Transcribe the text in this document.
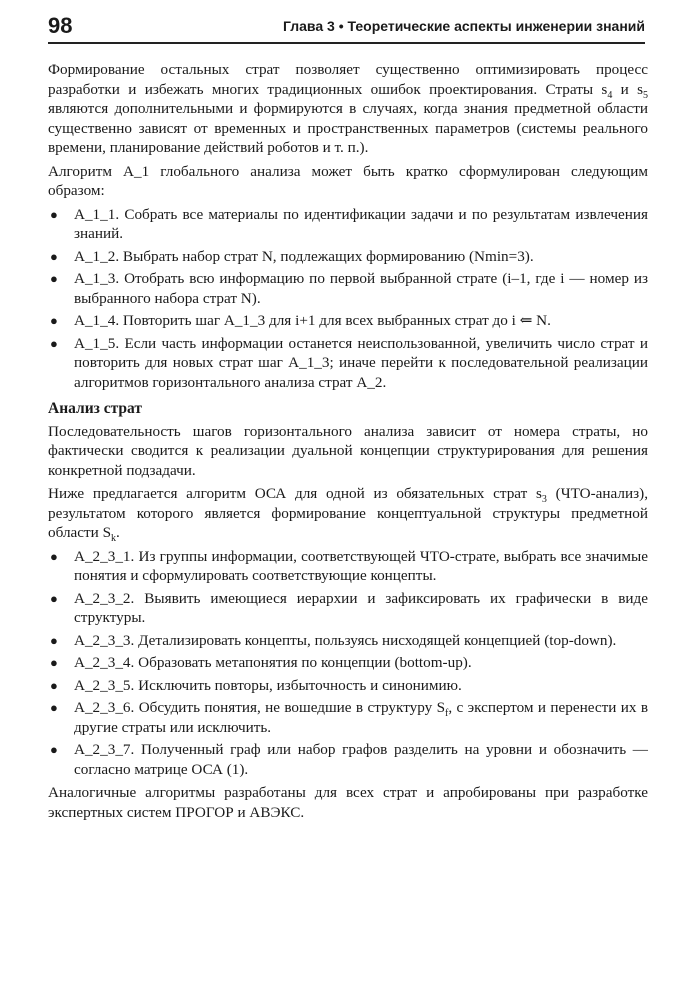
98	Глава 3 • Теоретические аспекты инженерии знаний

Формирование остальных страт позволяет существенно оптимизировать процесс разработки и избежать многих традиционных ошибок проектирования. Страты $s_4$ и $s_5$ являются дополнительными и формируются в случаях, когда знания предметной области существенно зависят от временных и пространственных параметров (системы реального времени, планирование действий роботов и т. п.).

Алгоритм A_1 глобального анализа может быть кратко сформулирован следующим образом:

● A_1_1. Собрать все материалы по идентификации задачи и по результатам извлечения знаний.
● A_1_2. Выбрать набор страт N, подлежащих формированию (Nmin=3).
● A_1_3. Отобрать всю информацию по первой выбранной страте (i–1, где i — номер из выбранного набора страт N).
● A_1_4. Повторить шаг A_1_3 для i+1 для всех выбранных страт до i ⇐ N.
● A_1_5. Если часть информации останется неиспользованной, увеличить число страт и повторить для новых страт шаг A_1_3; иначе перейти к последовательной реализации алгоритмов горизонтального анализа страт A_2.
Анализ страт

Последовательность шагов горизонтального анализа зависит от номера страты, но фактически сводится к реализации дуальной концепции структурирования для решения конкретной подзадачи.

Ниже предлагается алгоритм ОСА для одной из обязательных страт $s_3$ (ЧТО-анализ), результатом которого является формирование концептуальной структуры предметной области $S_k$.

● A_2_3_1. Из группы информации, соответствующей ЧТО-страте, выбрать все значимые понятия и сформулировать соответствующие концепты.
● A_2_3_2. Выявить имеющиеся иерархии и зафиксировать их графически в виде структуры.
● A_2_3_3. Детализировать концепты, пользуясь нисходящей концепцией (top-down).
● A_2_3_4. Образовать метапонятия по концепции (bottom-up).
● A_2_3_5. Исключить повторы, избыточность и синонимию.
● A_2_3_6. Обсудить понятия, не вошедшие в структуру $S_f$, с экспертом и перенести их в другие страты или исключить.
● A_2_3_7. Полученный граф или набор графов разделить на уровни и обозначить — согласно матрице ОСА (1).

Аналогичные алгоритмы разработаны для всех страт и апробированы при разработке экспертных систем ПРОГОР и АВЭКС.
